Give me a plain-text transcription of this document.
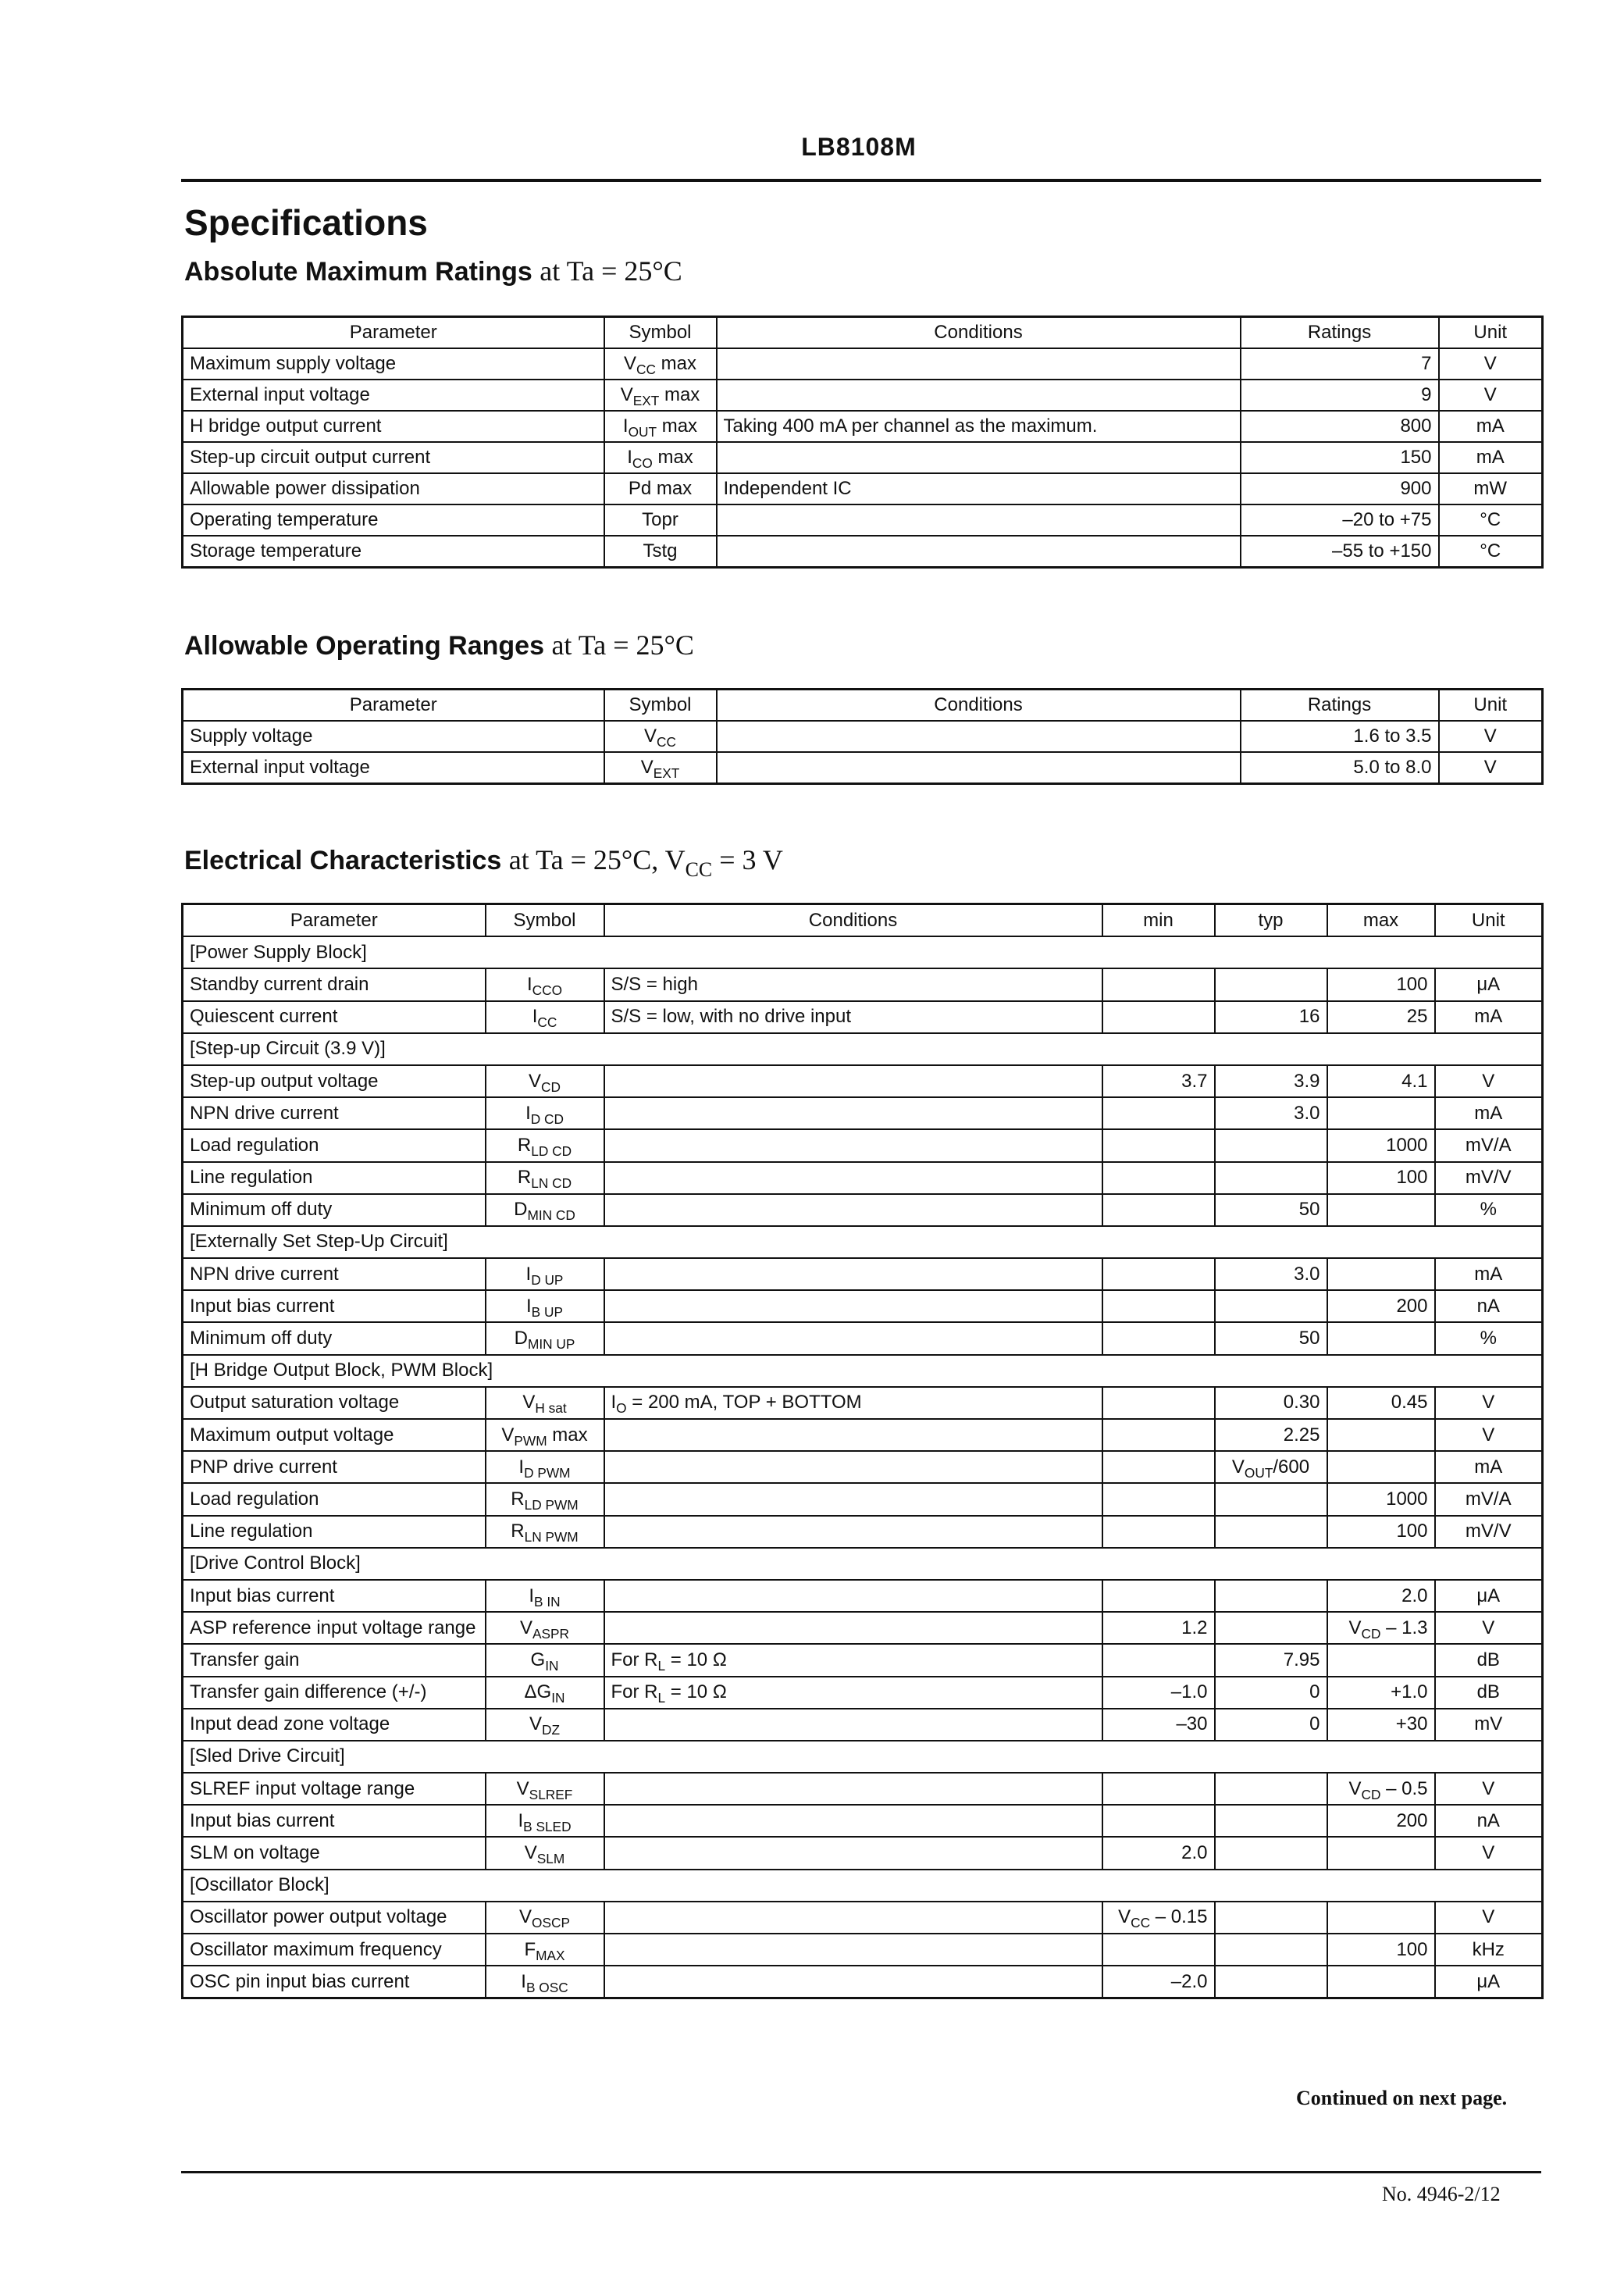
LB8108M
Specifications
Absolute Maximum Ratings at Ta = 25°C
Parameter	Symbol	Conditions	Ratings	Unit
Maximum supply voltage	$V_{CC}$ max		7	V
External input voltage	$V_{EXT}$ max		9	V
H bridge output current	$I_{OUT}$ max	Taking 400 mA per channel as the maximum.	800	mA
Step-up circuit output current	$I_{CO}$ max		150	mA
Allowable power dissipation	Pd max	Independent IC	900	mW
Operating temperature	Topr		–20 to +75	°C
Storage temperature	Tstg		–55 to +150	°C
Allowable Operating Ranges at Ta = 25°C
Parameter	Symbol	Conditions	Ratings	Unit
Supply voltage	$V_{CC}$		1.6 to 3.5	V
External input voltage	$V_{EXT}$		5.0 to 8.0	V
Electrical Characteristics at Ta = 25°C, $V_{CC} = 3$ V
Parameter	Symbol	Conditions	min	typ	max	Unit
[Power Supply Block]						
Standby current drain	$I_{CCO}$	S/S = high			100	μA
Quiescent current	$I_{CC}$	S/S = low, with no drive input		16	25	mA
[Step-up Circuit (3.9 V)]						
Step-up output voltage	$V_{CD}$		3.7	3.9	4.1	V
NPN drive current	$I_{D CD}$			3.0		mA
Load regulation	$R_{LD CD}$				1000	mV/A
Line regulation	$R_{LN CD}$				100	mV/V
Minimum off duty	$D_{MIN CD}$			50		%
[Externally Set Step-Up Circuit]						
NPN drive current	$I_{D UP}$			3.0		mA
Input bias current	$I_{B UP}$				200	nA
Minimum off duty	$D_{MIN UP}$			50		%
[H Bridge Output Block, PWM Block]						
Output saturation voltage	$V_{H sat}$	$I_O = 200$ mA, TOP + BOTTOM		0.30	0.45	V
Maximum output voltage	$V_{PWM}$ max			2.25		V
PNP drive current	$I_{D PWM}$			$V_{OUT}/600$		mA
Load regulation	$R_{LD PWM}$				1000	mV/A
Line regulation	$R_{LN PWM}$				100	mV/V
[Drive Control Block]						
Input bias current	$I_{B IN}$				2.0	μA
ASP reference input voltage range	$V_{ASPR}$		1.2		$V_{CD} - 1.3$	V
Transfer gain	$G_{IN}$	For $R_L = 10$ Ω		7.95		dB
Transfer gain difference (+/-)	$\Delta G_{IN}$	For $R_L = 10$ Ω	–1.0	0	+1.0	dB
Input dead zone voltage	$V_{DZ}$		–30	0	+30	mV
[Sled Drive Circuit]						
SLREF input voltage range	$V_{SLREF}$				$V_{CD} - 0.5$	V
Input bias current	$I_{B SLED}$				200	nA
SLM on voltage	$V_{SLM}$		2.0			V
[Oscillator Block]						
Oscillator power output voltage	$V_{OSCP}$		$V_{CC} - 0.15$			V
Oscillator maximum frequency	$F_{MAX}$				100	kHz
OSC pin input bias current	$I_{B OSC}$		–2.0			μA
Continued on next page.
No. 4946-2/12
